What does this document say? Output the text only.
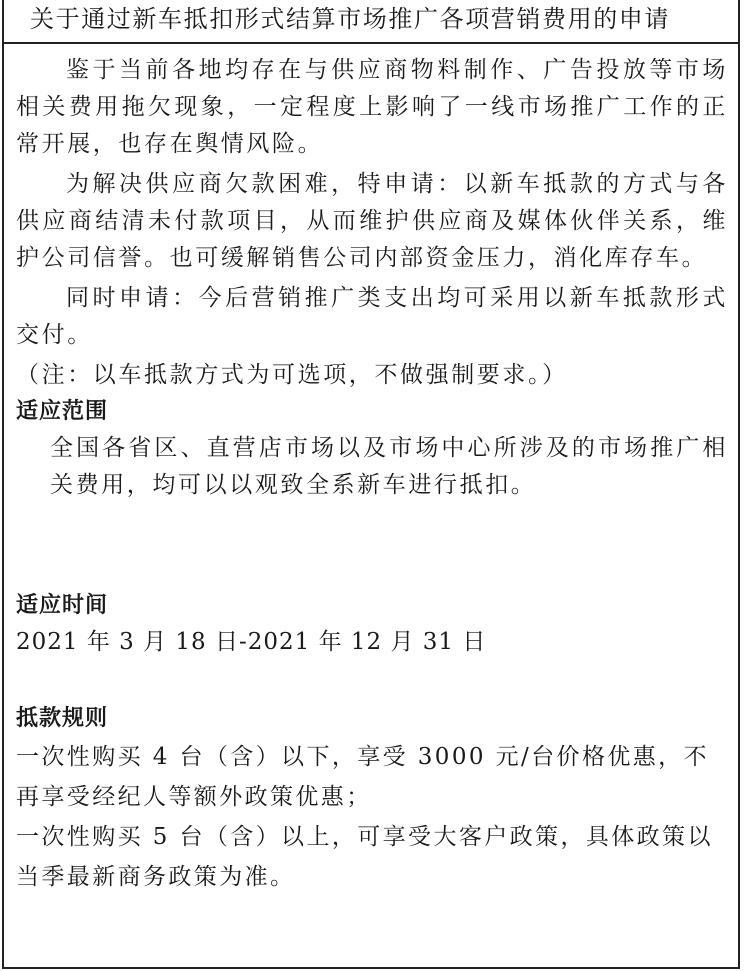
关于通过新车抵扣形式结算市场推广各项营销费用的申请

鉴于当前各地均存在与供应商物料制作、广告投放等市场相关费用拖欠现象，一定程度上影响了一线市场推广工作的正常开展，也存在舆情风险。

为解决供应商欠款困难，特申请：以新车抵款的方式与各供应商结清未付款项目，从而维护供应商及媒体伙伴关系，维护公司信誉。也可缓解销售公司内部资金压力，消化库存车。

同时申请：今后营销推广类支出均可采用以新车抵款形式交付。

（注：以车抵款方式为可选项，不做强制要求。）

适应范围

全国各省区、直营店市场以及市场中心所涉及的市场推广相关费用，均可以以观致全系新车进行抵扣。

适应时间

2021 年 3 月 18 日-2021 年 12 月 31 日

抵款规则

一次性购买 4 台（含）以下，享受 3000 元/台价格优惠，不再享受经纪人等额外政策优惠；

一次性购买 5 台（含）以上，可享受大客户政策，具体政策以当季最新商务政策为准。
